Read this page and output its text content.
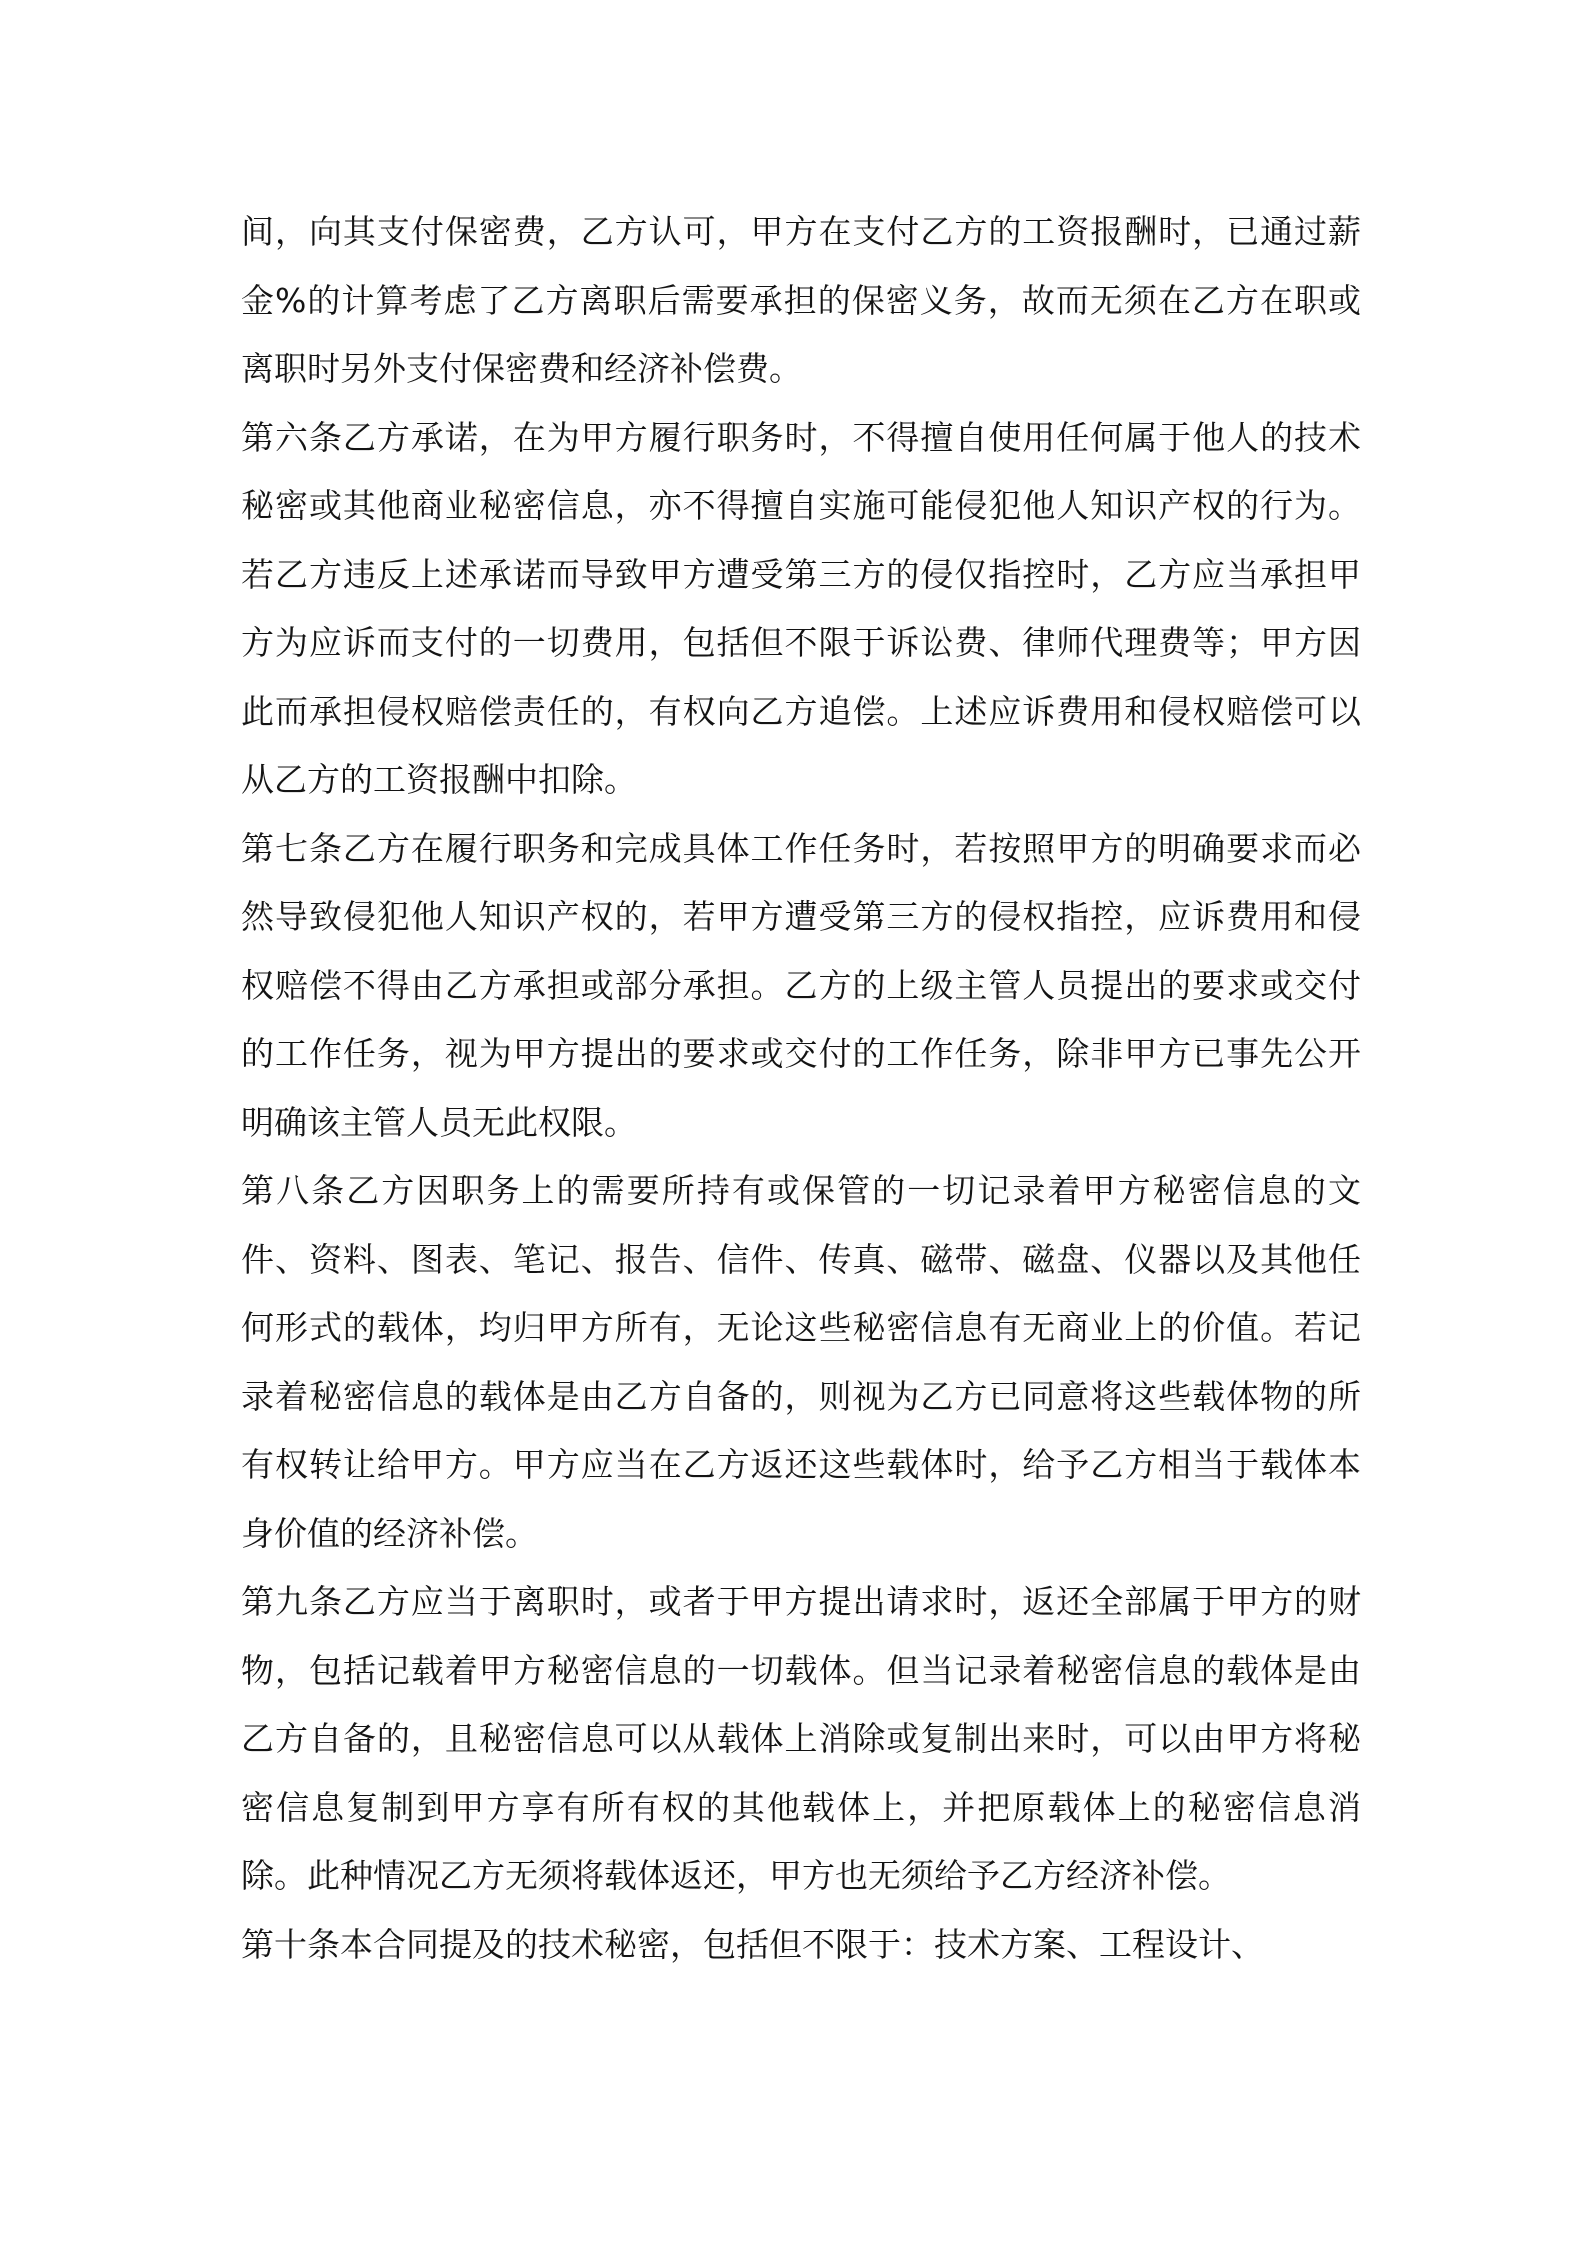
间，向其支付保密费，乙方认可，甲方在支付乙方的工资报酬时，已通过薪金%的计算考虑了乙方离职后需要承担的保密义务，故而无须在乙方在职或离职时另外支付保密费和经济补偿费。

第六条乙方承诺，在为甲方履行职务时，不得擅自使用任何属于他人的技术秘密或其他商业秘密信息，亦不得擅自实施可能侵犯他人知识产权的行为。若乙方违反上述承诺而导致甲方遭受第三方的侵仅指控时，乙方应当承担甲方为应诉而支付的一切费用，包括但不限于诉讼费、律师代理费等；甲方因此而承担侵权赔偿责任的，有权向乙方追偿。上述应诉费用和侵权赔偿可以从乙方的工资报酬中扣除。

第七条乙方在履行职务和完成具体工作任务时，若按照甲方的明确要求而必然导致侵犯他人知识产权的，若甲方遭受第三方的侵权指控，应诉费用和侵权赔偿不得由乙方承担或部分承担。乙方的上级主管人员提出的要求或交付的工作任务，视为甲方提出的要求或交付的工作任务，除非甲方已事先公开明确该主管人员无此权限。

第八条乙方因职务上的需要所持有或保管的一切记录着甲方秘密信息的文件、资料、图表、笔记、报告、信件、传真、磁带、磁盘、仪器以及其他任何形式的载体，均归甲方所有，无论这些秘密信息有无商业上的价值。若记录着秘密信息的载体是由乙方自备的，则视为乙方已同意将这些载体物的所有权转让给甲方。甲方应当在乙方返还这些载体时，给予乙方相当于载体本身价值的经济补偿。

第九条乙方应当于离职时，或者于甲方提出请求时，返还全部属于甲方的财物，包括记载着甲方秘密信息的一切载体。但当记录着秘密信息的载体是由乙方自备的，且秘密信息可以从载体上消除或复制出来时，可以由甲方将秘密信息复制到甲方享有所有权的其他载体上，并把原载体上的秘密信息消除。此种情况乙方无须将载体返还，甲方也无须给予乙方经济补偿。

第十条本合同提及的技术秘密，包括但不限于：技术方案、工程设计、
